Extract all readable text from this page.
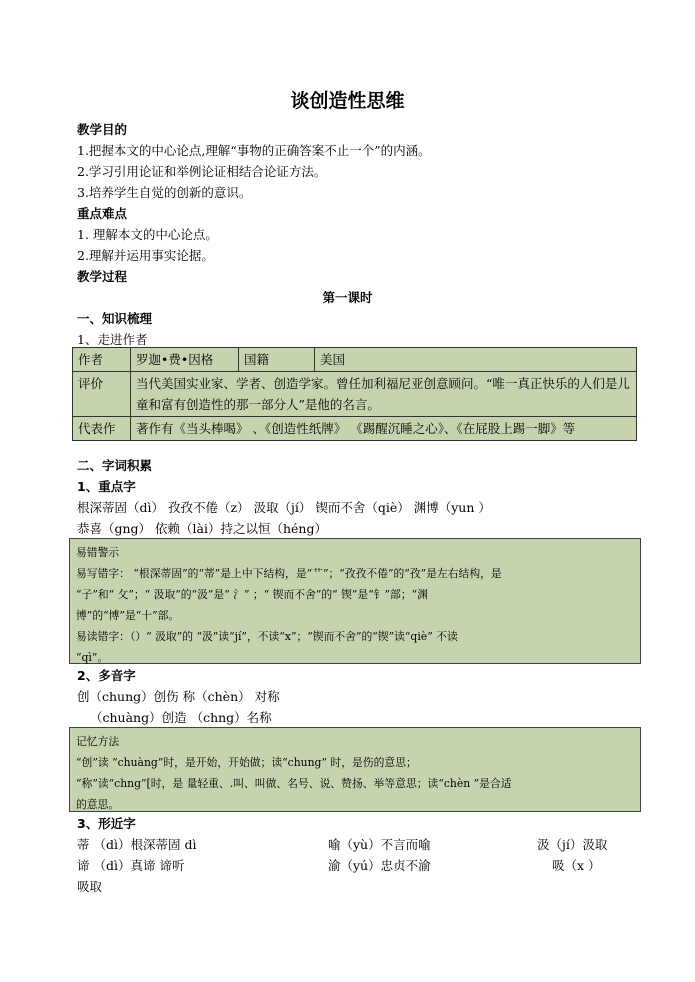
谈创造性思维
教学目的
1.把握本文的中心论点,理解“事物的正确答案不止一个”的内涵。
2.学习引用论证和举例论证相结合论证方法。
3.培养学生自觉的创新的意识。
重点难点
1. 理解本文的中心论点。
2.理解并运用事实论据。
教学过程
第一课时
一、知识梳理
1、走进作者
作者	罗迦•费•因格	国籍	美国
评价	当代美国实业家、学者、创造学家。曾任加利福尼亚创意顾问。“唯一真正快乐的人们是儿童和富有创造性的那一部分人”是他的名言。		
代表作	著作有《当头棒喝》 、《创造性纸牌》 《踢醒沉睡之心》、《在屁股上踢一脚》等		
二、字词积累
1、重点字
根深蒂固（dì） 孜孜不倦（z） 汲取（jí） 锲而不舍（qiè） 渊博（yun ）
恭喜（gng） 依赖（lài）持之以恒（héng）
易错警示
易写错字： “根深蒂固”的“蒂”是上中下结构，是“艹”；“孜孜不倦”的“孜”是左右结构，是
“子”和“ 攵”；“ 汲取”的“汲”是“ 氵” ；“ 锲而不舍”的“ 锲”是“钅”部；“渊
博”的“博”是“十”部。
易读错字：（）“ 汲取”的 “汲”读“jí”，不读“x”；“锲而不舍”的“锲”读“qiè” 不读
“qì”。
2、多音字
创（chung）创伤 称（chèn） 对称
（chuàng）创造 （chng）名称
记忆方法
“创”读 “chuàng”时，是开始，开始做；读“chung” 时，是伤的意思；
“称”读“chng”[时，是 量轻重、.叫、叫做、名号、说、赞扬、举等意思；读“chèn ”是合适
的意思。
3、形近字
蒂 （dì）根深蒂固 dì	喻（yù）不言而喻	汲（jí）汲取
谛 （dì）真谛 谛听	渝（yú）忠贞不渝	吸（x ）
吸取
